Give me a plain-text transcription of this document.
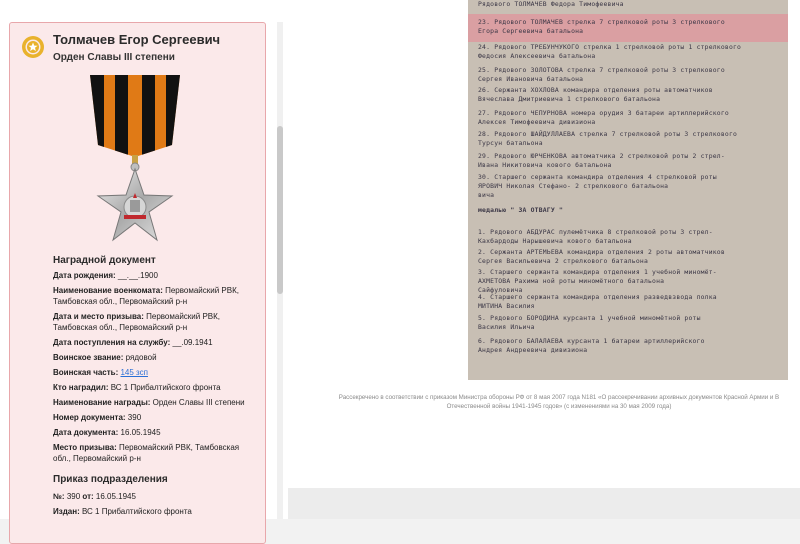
Толмачев Егор Сергеевич
Орден Славы III степени
Наградной документ
Дата рождения: __.__.1900
Наименование военкомата: Первомайский РВК, Тамбовская обл., Первомайский р-н
Дата и место призыва: Первомайский РВК, Тамбовская обл., Первомайский р-н
Дата поступления на службу: __.09.1941
Воинское звание: рядовой
Воинская часть: 145 зсп
Кто наградил: ВС 1 Прибалтийского фронта
Наименование награды: Орден Славы III степени
Номер документа: 390
Дата документа: 16.05.1945
Место призыва: Первомайский РВК, Тамбовская обл., Первомайский р-н
Приказ подразделения
№: 390 от: 16.05.1945
Издан: ВС 1 Прибалтийского фронта
Рядового ТОЛМАЧЕВ Федора Тимофеевича
23. Рядового ТОЛМАЧЕВ стрелка 7 стрелковой роты 3 стрелкового
Егора Сергеевича батальона
24. Рядового ТРЕБУНЧУКОГО стрелка 1 стрелковой роты 1 стрелкового
Федосия Алексеевича батальона
25. Рядового ЗОЛОТОВА стрелка 7 стрелковой роты 3 стрелкового
Сергея Ивановича батальона
26. Сержанта ХОХЛОВА командира отделения роты автоматчиков
Вячеслава Дмитриевича 1 стрелкового батальона
27. Рядового ЧЕПУРНОВА номера орудия 3 батареи артиллерийского
Алексея Тимофеевича дивизиона
28. Рядового ШАЙДУЛЛАЕВА стрелка 7 стрелковой роты 3 стрелкового
Турсун батальона
29. Рядового ЮРЧЕНКОВА автоматчика 2 стрелковой роты 2 стрел-
Ивана Никитовича кового батальона
30. Старшего сержанта командира отделения 4 стрелковой роты
ЯРОВИЧ Николая Стефано- 2 стрелкового батальона
вича
медалью " ЗА ОТВАГУ "
1. Рядового АБДУРАС пулемётчика 8 стрелковой роты 3 стрел-
Кахбардоды Нарышевича кового батальона
2. Сержанта АРТЕМЬЕВА командира отделения 2 роты автоматчиков
Сергея Васильевича 2 стрелкового батальона
3. Старшего сержанта командира отделения 1 учебной миномёт-
АХМЕТОВА Рахима ной роты миномётного батальона
Сайфуловича
4. Старшего сержанта командира отделения разведвзвода полка
МИТИНА Василия
5. Рядового БОРОДИНА курсанта 1 учебной миномётной роты
Василия Ильича
6. Рядового БАЛАЛАЕВА курсанта 1 батареи артиллерийского
Андрея Андреевича дивизиона
Рассекречено в соответствии с приказом Министра обороны РФ от 8 мая 2007 года N181 «О рассекречивании архивных документов Красной Армии и В
Отечественной войны 1941-1945 годов» (с изменениями на 30 мая 2009 года)
